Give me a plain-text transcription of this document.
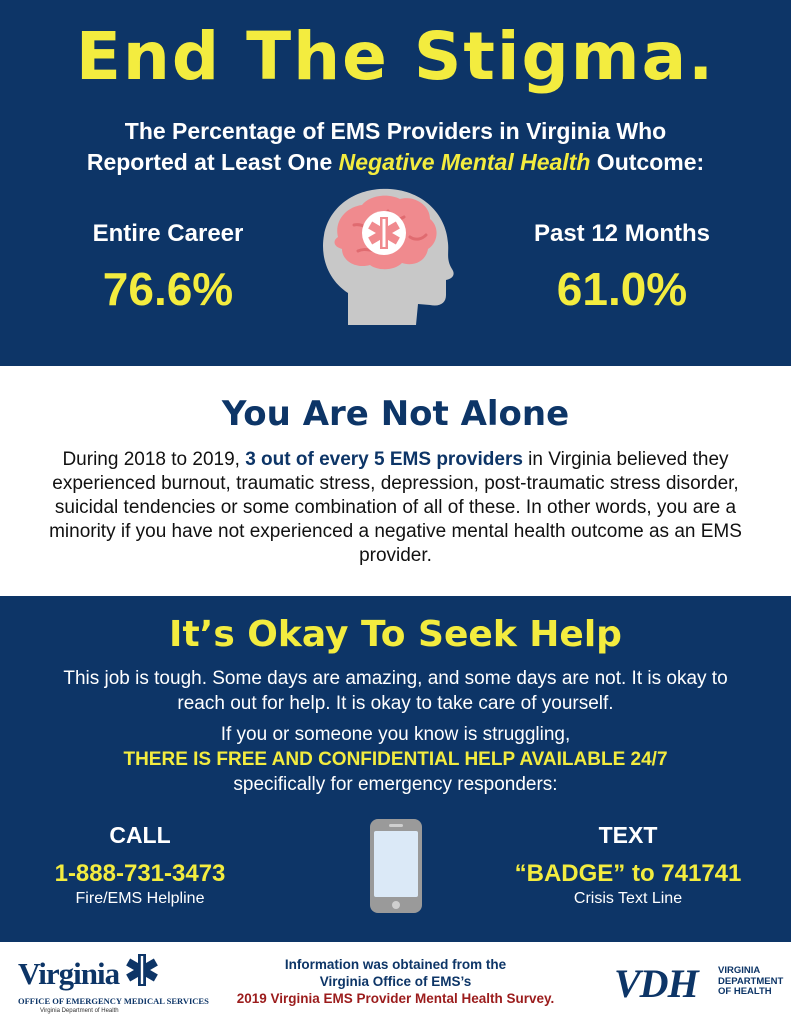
End The Stigma.
The Percentage of EMS Providers in Virginia Who
Reported at Least One Negative Mental Health Outcome:
Entire Career
76.6%
Past 12 Months
61.0%
You Are Not Alone
During 2018 to 2019, 3 out of every 5 EMS providers in Virginia believed they experienced burnout, traumatic stress, depression, post-traumatic stress disorder, suicidal tendencies or some combination of all of these. In other words, you are a minority if you have not experienced a negative mental health outcome as an EMS provider.
It’s Okay To Seek Help
This job is tough. Some days are amazing, and some days are not. It is okay to reach out for help. It is okay to take care of yourself.
If you or someone you know is struggling,
THERE IS FREE AND CONFIDENTIAL HELP AVAILABLE 24/7
specifically for emergency responders:
CALL
1-888-731-3473
Fire/EMS Helpline
TEXT
“BADGE” to 741741
Crisis Text Line
Virginia
OFFICE OF EMERGENCY MEDICAL SERVICES
Virginia Department of Health
Information was obtained from the
Virginia Office of EMS’s
2019 Virginia EMS Provider Mental Health Survey.	VDH VIRGINIA
DEPARTMENT
OF HEALTH
